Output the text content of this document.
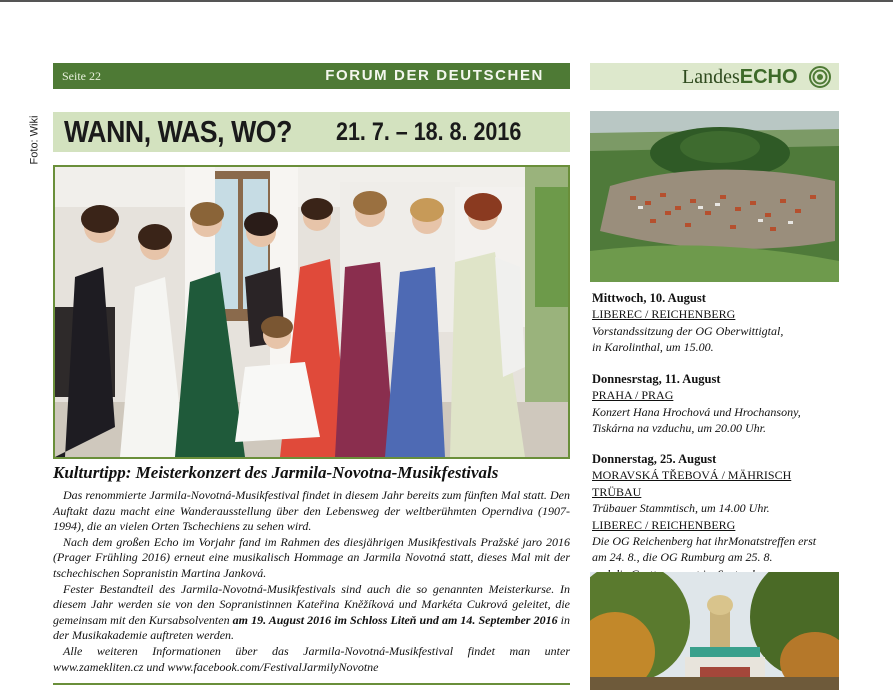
Seite 22	FORUM DER DEUTSCHEN	LandesECHO
Foto: Wiki WANN, WAS, WO? 21. 7. – 18. 8. 2016
Kulturtipp: Meisterkonzert des Jarmila-Novotna-Musikfestivals

Das renommierte Jarmila-Novotná-Musikfestival findet in diesem Jahr bereits zum fünften Mal statt. Den Auftakt dazu macht eine Wanderausstellung über den Lebensweg der weltberühmten Operndiva (1907-1994), die an vielen Orten Tschechiens zu sehen wird.

Nach dem großen Echo im Vorjahr fand im Rahmen des diesjährigen Musikfestivals Pražské jaro 2016 (Prager Frühling 2016) erneut eine musikalisch Hommage an Jarmila Novotná statt, dieses Mal mit der tschechischen Sopranistin Martina Janková.

Fester Bestandteil des Jarmila-Novotná-Musikfestivals sind auch die so genannten Meisterkurse. In diesem Jahr werden sie von den Sopranistinnen Kateřina Kněžíková und Markéta Cukrová geleitet, die gemeinsam mit den Kursabsolventen am 19. August 2016 im Schloss Liteň und am 14. September 2016 in der Musikakademie auftreten werden.

Alle weiteren Informationen über das Jarmila-Novotná-Musikfestival findet man unter www.zamekliten.cz und www.facebook.com/FestivalJarmilyNovotne

Mittwoch, 10. August
LIBEREC / REICHENBERG
Vorstandssitzung der OG Oberwittigtal,
in Karolinthal, um 15.00.
Donnesrstag, 11. August
PRAHA / PRAG
Konzert Hana Hrochová und Hrochansony,
Tiskárna na vzduchu, um 20.00 Uhr.
Donnerstag, 25. August
MORAVSKÁ TŘEBOVÁ / MÄHRISCH TRÜBAU
Trübauer Stammtisch, um 14.00 Uhr.
LIBEREC / REICHENBERG
Die OG Reichenberg hat ihrMonatstreffen erst
am 24. 8., die OG Rumburg am 25. 8.
